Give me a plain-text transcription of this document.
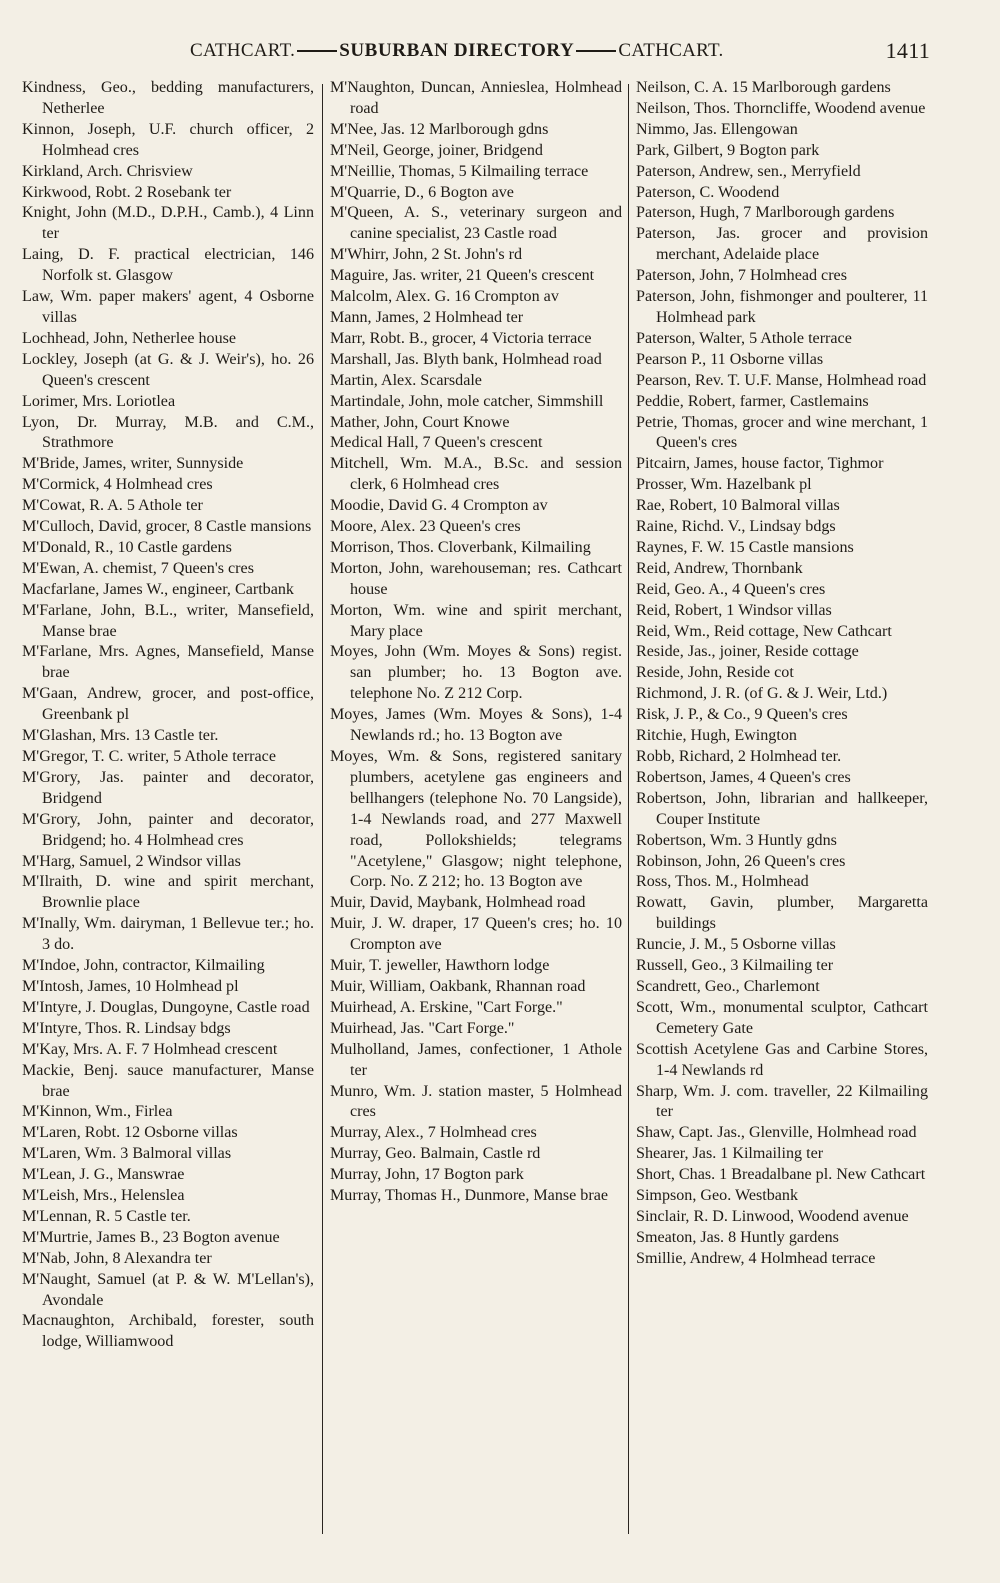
CATHCART. SUBURBAN DIRECTORY CATHCART.	1411

Kindness, Geo., bedding manufacturers, Netherlee

Kinnon, Joseph, U.F. church officer, 2 Holmhead cres

Kirkland, Arch. Chrisview

Kirkwood, Robt. 2 Rosebank ter

Knight, John (M.D., D.P.H., Camb.), 4 Linn ter

Laing, D. F. practical electrician, 146 Norfolk st. Glasgow

Law, Wm. paper makers' agent, 4 Osborne villas

Lochhead, John, Netherlee house

Lockley, Joseph (at G. & J. Weir's), ho. 26 Queen's crescent

Lorimer, Mrs. Loriotlea

Lyon, Dr. Murray, M.B. and C.M., Strathmore

M'Bride, James, writer, Sunnyside

M'Cormick, 4 Holmhead cres

M'Cowat, R. A. 5 Athole ter

M'Culloch, David, grocer, 8 Castle mansions

M'Donald, R., 10 Castle gardens

M'Ewan, A. chemist, 7 Queen's cres

Macfarlane, James W., engineer, Cartbank

M'Farlane, John, B.L., writer, Mansefield, Manse brae

M'Farlane, Mrs. Agnes, Mansefield, Manse brae

M'Gaan, Andrew, grocer, and post-office, Greenbank pl

M'Glashan, Mrs. 13 Castle ter.

M'Gregor, T. C. writer, 5 Athole terrace

M'Grory, Jas. painter and decorator, Bridgend

M'Grory, John, painter and decorator, Bridgend; ho. 4 Holmhead cres

M'Harg, Samuel, 2 Windsor villas

M'Ilraith, D. wine and spirit merchant, Brownlie place

M'Inally, Wm. dairyman, 1 Bellevue ter.; ho. 3 do.

M'Indoe, John, contractor, Kilmailing

M'Intosh, James, 10 Holmhead pl

M'Intyre, J. Douglas, Dungoyne, Castle road

M'Intyre, Thos. R. Lindsay bdgs

M'Kay, Mrs. A. F. 7 Holmhead crescent

Mackie, Benj. sauce manufacturer, Manse brae

M'Kinnon, Wm., Firlea

M'Laren, Robt. 12 Osborne villas

M'Laren, Wm. 3 Balmoral villas

M'Lean, J. G., Manswrae

M'Leish, Mrs., Helenslea

M'Lennan, R. 5 Castle ter.

M'Murtrie, James B., 23 Bogton avenue

M'Nab, John, 8 Alexandra ter

M'Naught, Samuel (at P. & W. M'Lellan's), Avondale

Macnaughton, Archibald, forester, south lodge, Williamwood

M'Naughton, Duncan, Annieslea, Holmhead road

M'Nee, Jas. 12 Marlborough gdns

M'Neil, George, joiner, Bridgend

M'Neillie, Thomas, 5 Kilmailing terrace

M'Quarrie, D., 6 Bogton ave

M'Queen, A. S., veterinary surgeon and canine specialist, 23 Castle road

M'Whirr, John, 2 St. John's rd

Maguire, Jas. writer, 21 Queen's crescent

Malcolm, Alex. G. 16 Crompton av

Mann, James, 2 Holmhead ter

Marr, Robt. B., grocer, 4 Victoria terrace

Marshall, Jas. Blyth bank, Holmhead road

Martin, Alex. Scarsdale

Martindale, John, mole catcher, Simmshill

Mather, John, Court Knowe

Medical Hall, 7 Queen's crescent

Mitchell, Wm. M.A., B.Sc. and session clerk, 6 Holmhead cres

Moodie, David G. 4 Crompton av

Moore, Alex. 23 Queen's cres

Morrison, Thos. Cloverbank, Kilmailing

Morton, John, warehouseman; res. Cathcart house

Morton, Wm. wine and spirit merchant, Mary place

Moyes, John (Wm. Moyes & Sons) regist. san plumber; ho. 13 Bogton ave. telephone No. Z 212 Corp.

Moyes, James (Wm. Moyes & Sons), 1-4 Newlands rd.; ho. 13 Bogton ave

Moyes, Wm. & Sons, registered sanitary plumbers, acetylene gas engineers and bellhangers (telephone No. 70 Langside), 1-4 Newlands road, and 277 Maxwell road, Pollokshields; telegrams "Acetylene," Glasgow; night telephone, Corp. No. Z 212; ho. 13 Bogton ave

Muir, David, Maybank, Holmhead road

Muir, J. W. draper, 17 Queen's cres; ho. 10 Crompton ave

Muir, T. jeweller, Hawthorn lodge

Muir, William, Oakbank, Rhannan road

Muirhead, A. Erskine, "Cart Forge."

Muirhead, Jas. "Cart Forge."

Mulholland, James, confectioner, 1 Athole ter

Munro, Wm. J. station master, 5 Holmhead cres

Murray, Alex., 7 Holmhead cres

Murray, Geo. Balmain, Castle rd

Murray, John, 17 Bogton park

Murray, Thomas H., Dunmore, Manse brae

Neilson, C. A. 15 Marlborough gardens

Neilson, Thos. Thorncliffe, Woodend avenue

Nimmo, Jas. Ellengowan

Park, Gilbert, 9 Bogton park

Paterson, Andrew, sen., Merryfield

Paterson, C. Woodend

Paterson, Hugh, 7 Marlborough gardens

Paterson, Jas. grocer and provision merchant, Adelaide place

Paterson, John, 7 Holmhead cres

Paterson, John, fishmonger and poulterer, 11 Holmhead park

Paterson, Walter, 5 Athole terrace

Pearson P., 11 Osborne villas

Pearson, Rev. T. U.F. Manse, Holmhead road

Peddie, Robert, farmer, Castlemains

Petrie, Thomas, grocer and wine merchant, 1 Queen's cres

Pitcairn, James, house factor, Tighmor

Prosser, Wm. Hazelbank pl

Rae, Robert, 10 Balmoral villas

Raine, Richd. V., Lindsay bdgs

Raynes, F. W. 15 Castle mansions

Reid, Andrew, Thornbank

Reid, Geo. A., 4 Queen's cres

Reid, Robert, 1 Windsor villas

Reid, Wm., Reid cottage, New Cathcart

Reside, Jas., joiner, Reside cottage

Reside, John, Reside cot

Richmond, J. R. (of G. & J. Weir, Ltd.)

Risk, J. P., & Co., 9 Queen's cres

Ritchie, Hugh, Ewington

Robb, Richard, 2 Holmhead ter.

Robertson, James, 4 Queen's cres

Robertson, John, librarian and hallkeeper, Couper Institute

Robertson, Wm. 3 Huntly gdns

Robinson, John, 26 Queen's cres

Ross, Thos. M., Holmhead

Rowatt, Gavin, plumber, Margaretta buildings

Runcie, J. M., 5 Osborne villas

Russell, Geo., 3 Kilmailing ter

Scandrett, Geo., Charlemont

Scott, Wm., monumental sculptor, Cathcart Cemetery Gate

Scottish Acetylene Gas and Carbine Stores, 1-4 Newlands rd

Sharp, Wm. J. com. traveller, 22 Kilmailing ter

Shaw, Capt. Jas., Glenville, Holmhead road

Shearer, Jas. 1 Kilmailing ter

Short, Chas. 1 Breadalbane pl. New Cathcart

Simpson, Geo. Westbank

Sinclair, R. D. Linwood, Woodend avenue

Smeaton, Jas. 8 Huntly gardens

Smillie, Andrew, 4 Holmhead terrace
